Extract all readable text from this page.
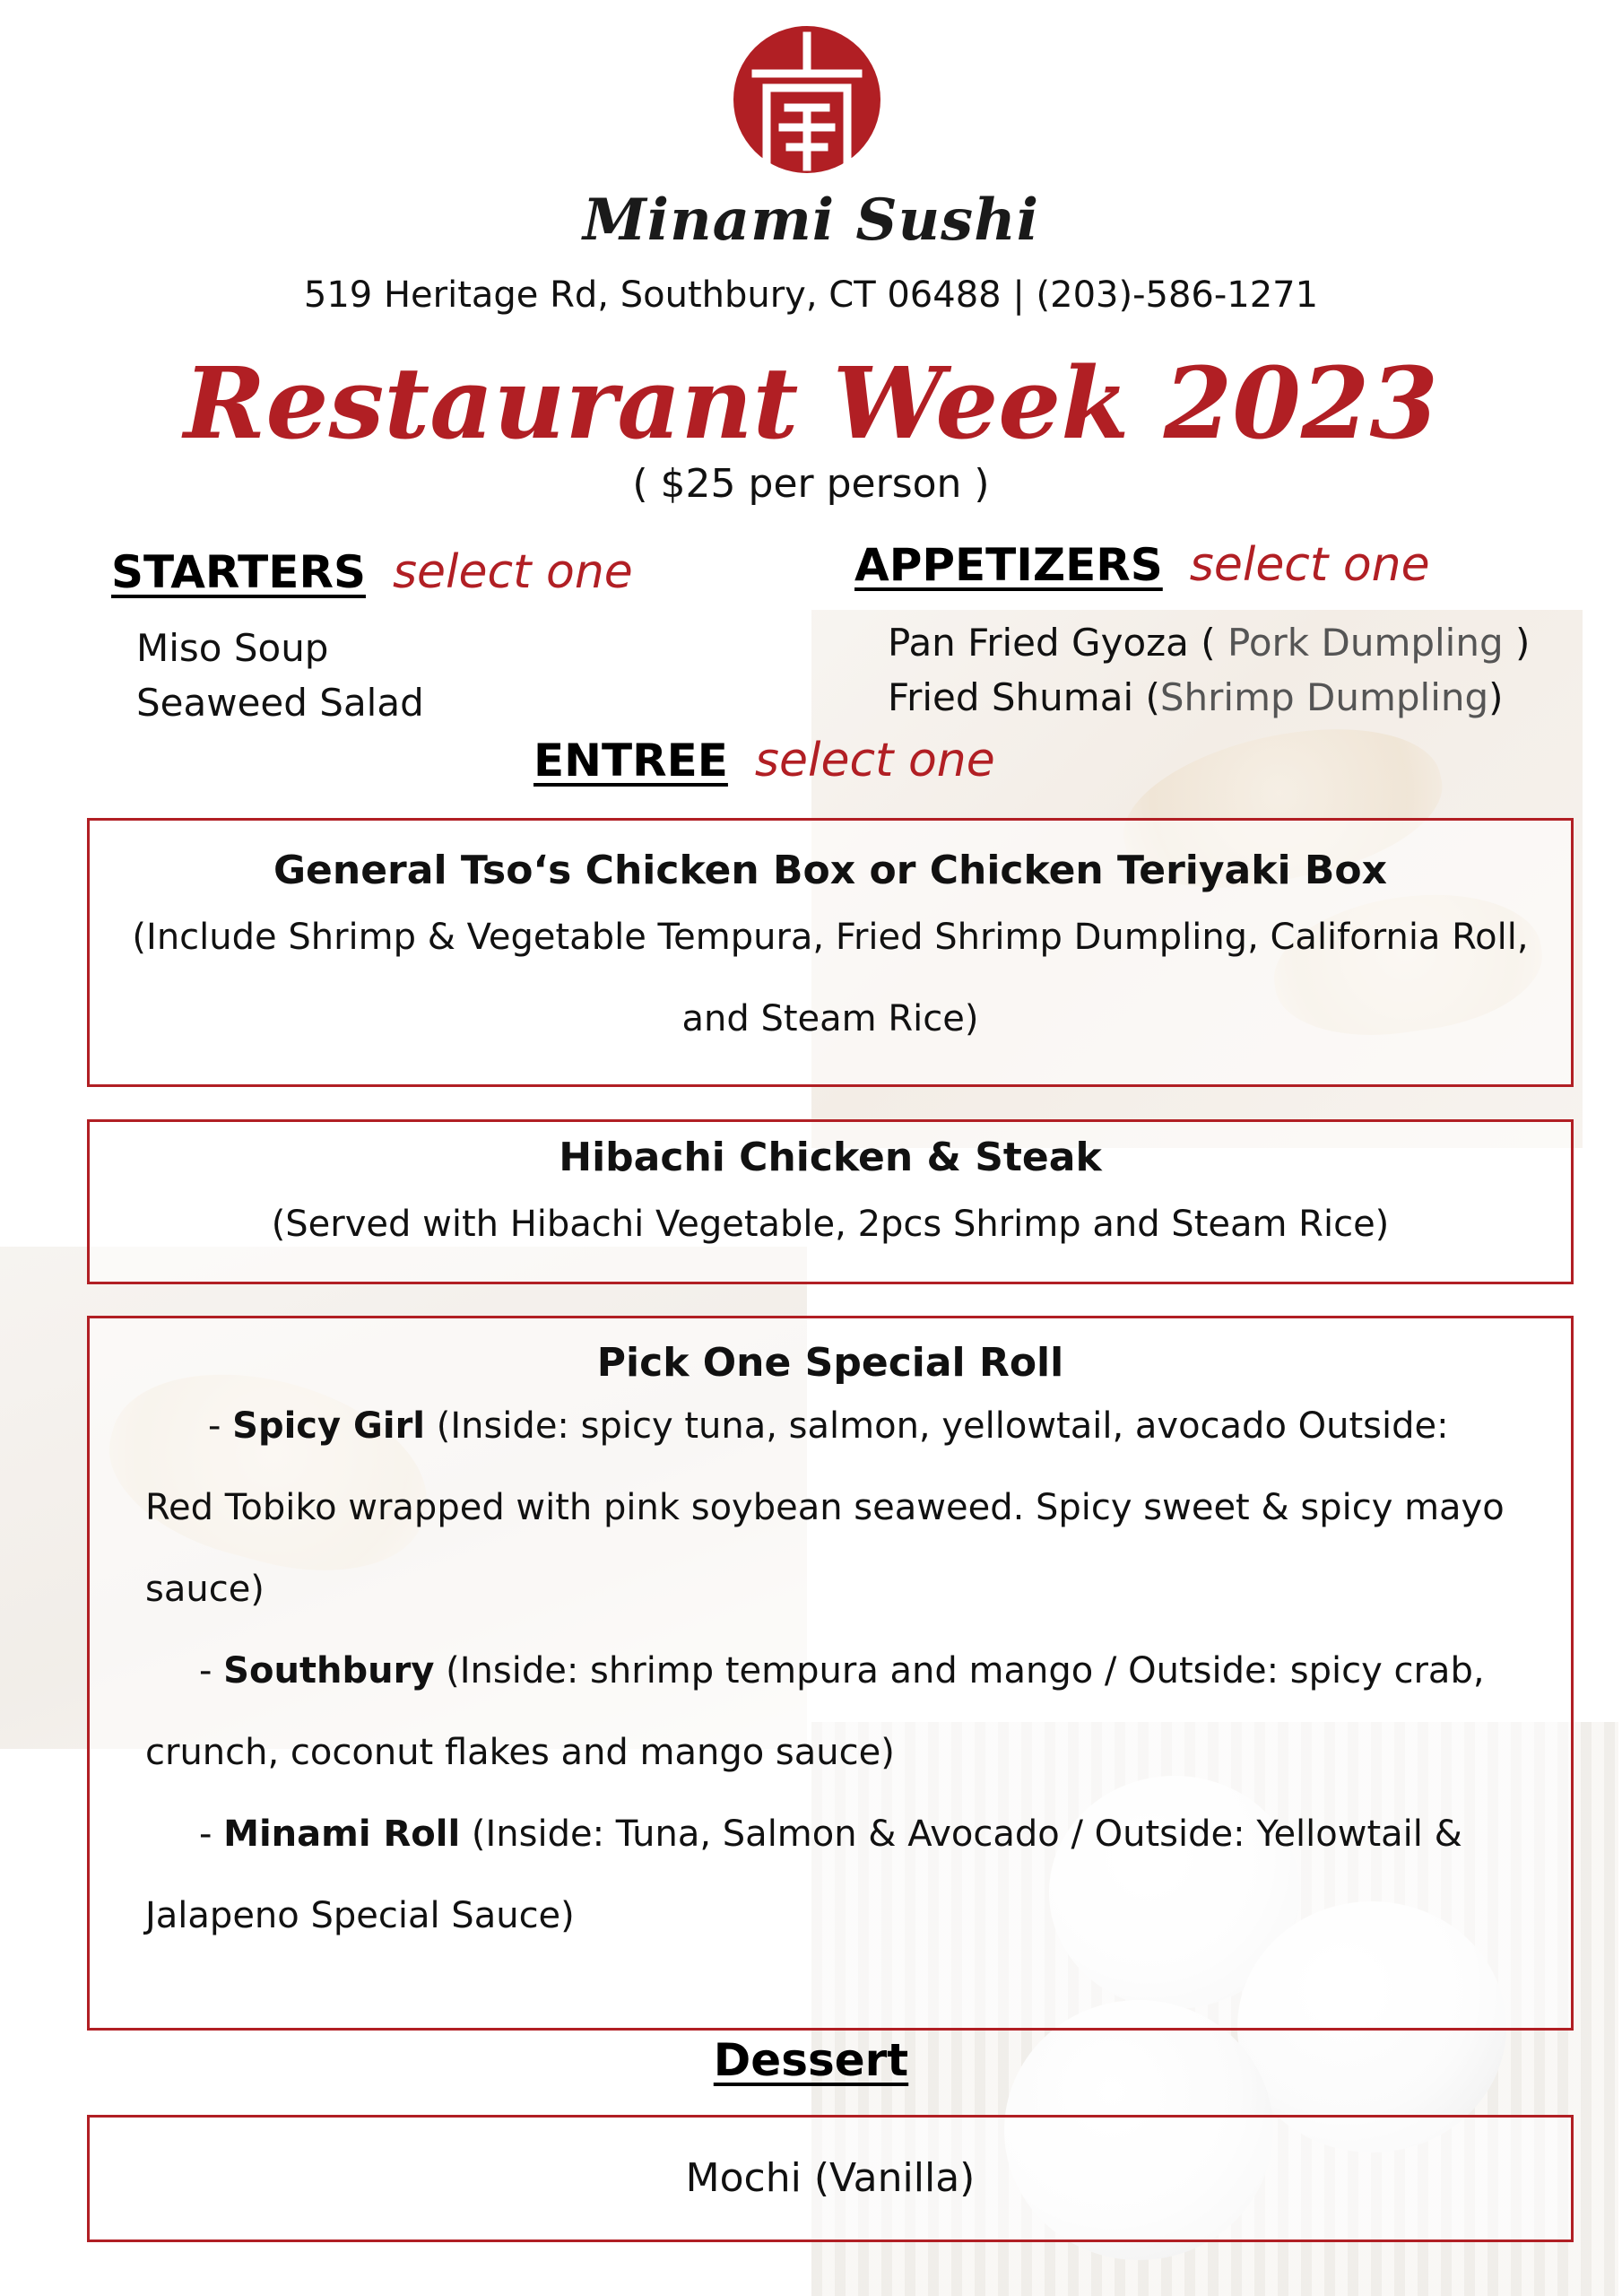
Minami Sushi
519 Heritage Rd, Southbury, CT 06488 | (203)-586-1271
Restaurant Week 2023
( $25 per person )
STARTERS select one
Miso Soup
Seaweed Salad
APPETIZERS select one
Pan Fried Gyoza ( Pork Dumpling )
Fried Shumai (Shrimp Dumpling)
ENTREE select one
General Tso‘s Chicken Box or Chicken Teriyaki Box
(Include Shrimp & Vegetable Tempura, Fried Shrimp Dumpling, California Roll, and Steam Rice)
Hibachi Chicken & Steak
(Served with Hibachi Vegetable, 2pcs Shrimp and Steam Rice)
Pick One Special Roll
- Spicy Girl (Inside: spicy tuna, salmon, yellowtail, avocado Outside: Red Tobiko wrapped with pink soybean seaweed. Spicy sweet & spicy mayo sauce)
- Southbury (Inside: shrimp tempura and mango / Outside: spicy crab, crunch, coconut flakes and mango sauce)
- Minami Roll (Inside: Tuna, Salmon & Avocado / Outside: Yellowtail & Jalapeno Special Sauce)
Dessert
Mochi (Vanilla)
